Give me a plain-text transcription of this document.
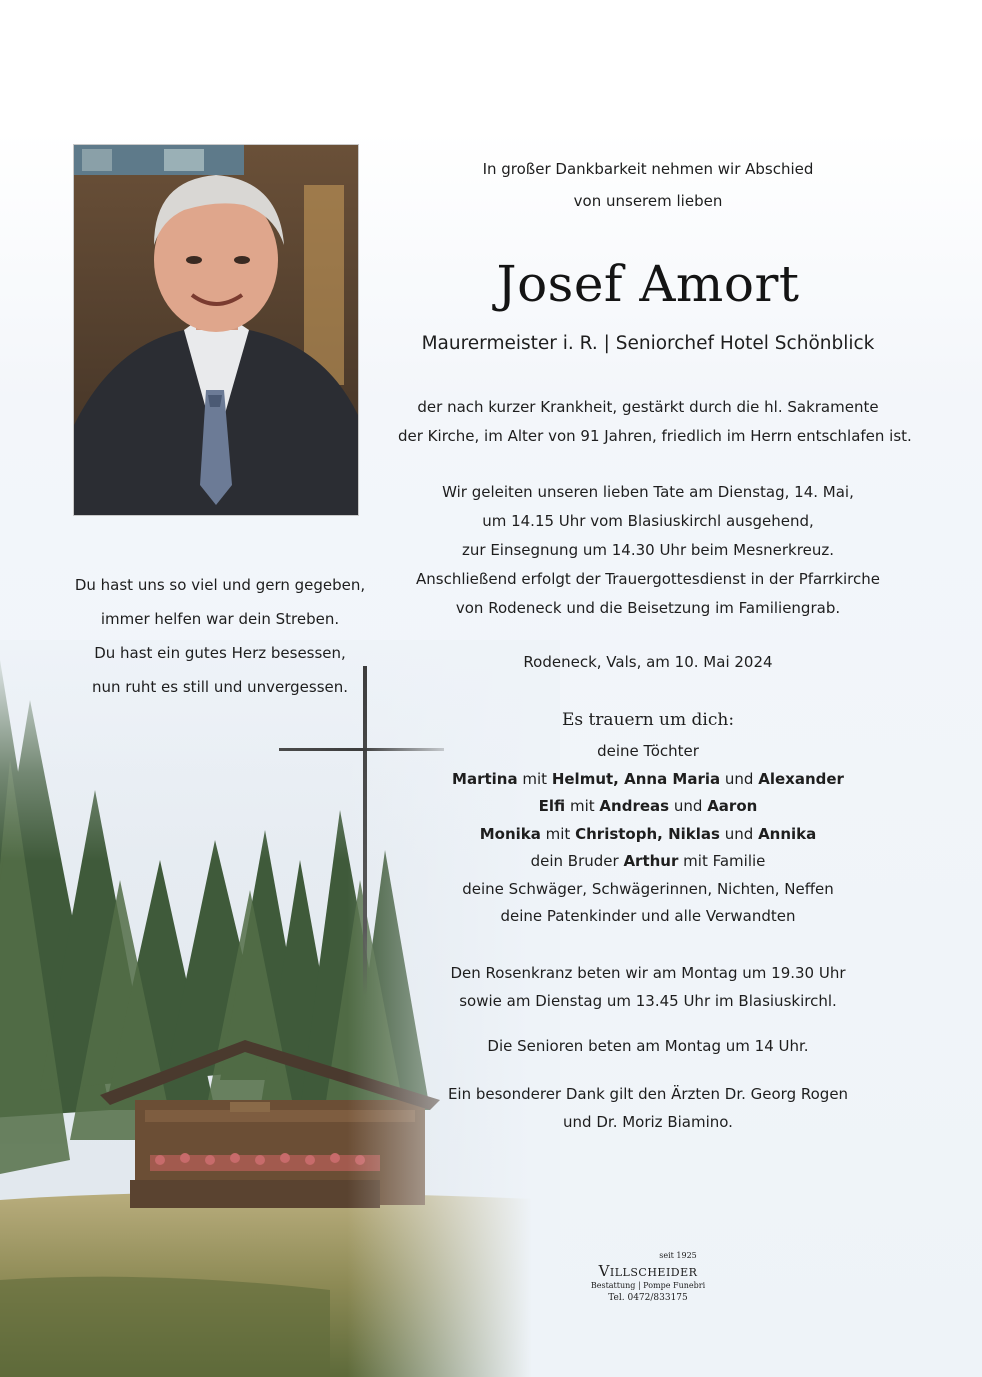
Du hast uns so viel und gern gegeben,
immer helfen war dein Streben.
Du hast ein gutes Herz besessen,
nun ruht es still und unvergessen.
In großer Dankbarkeit nehmen wir Abschied
von unserem lieben
Josef Amort
Maurermeister i. R. | Seniorchef Hotel Schönblick
der nach kurzer Krankheit, gestärkt durch die hl. Sakramente
der Kirche, im Alter von 91 Jahren, friedlich im Herrn entschlafen ist.
Wir geleiten unseren lieben Tate am Dienstag, 14. Mai,
um 14.15 Uhr vom Blasiuskirchl ausgehend,
zur Einsegnung um 14.30 Uhr beim Mesnerkreuz.
Anschließend erfolgt der Trauergottesdienst in der Pfarrkirche
von Rodeneck und die Beisetzung im Familiengrab.
Rodeneck, Vals, am 10. Mai 2024
Es trauern um dich:
deine Töchter
Martina mit Helmut, Anna Maria und Alexander
Elfi mit Andreas und Aaron
Monika mit Christoph, Niklas und Annika
dein Bruder Arthur mit Familie
deine Schwäger, Schwägerinnen, Nichten, Neffen
deine Patenkinder und alle Verwandten
Den Rosenkranz beten wir am Montag um 19.30 Uhr
sowie am Dienstag um 13.45 Uhr im Blasiuskirchl.
Die Senioren beten am Montag um 14 Uhr.
Ein besonderer Dank gilt den Ärzten Dr. Georg Rogen
und Dr. Moriz Biamino.
seit 1925
Villscheider
Bestattung | Pompe Funebri
Tel. 0472/833175
